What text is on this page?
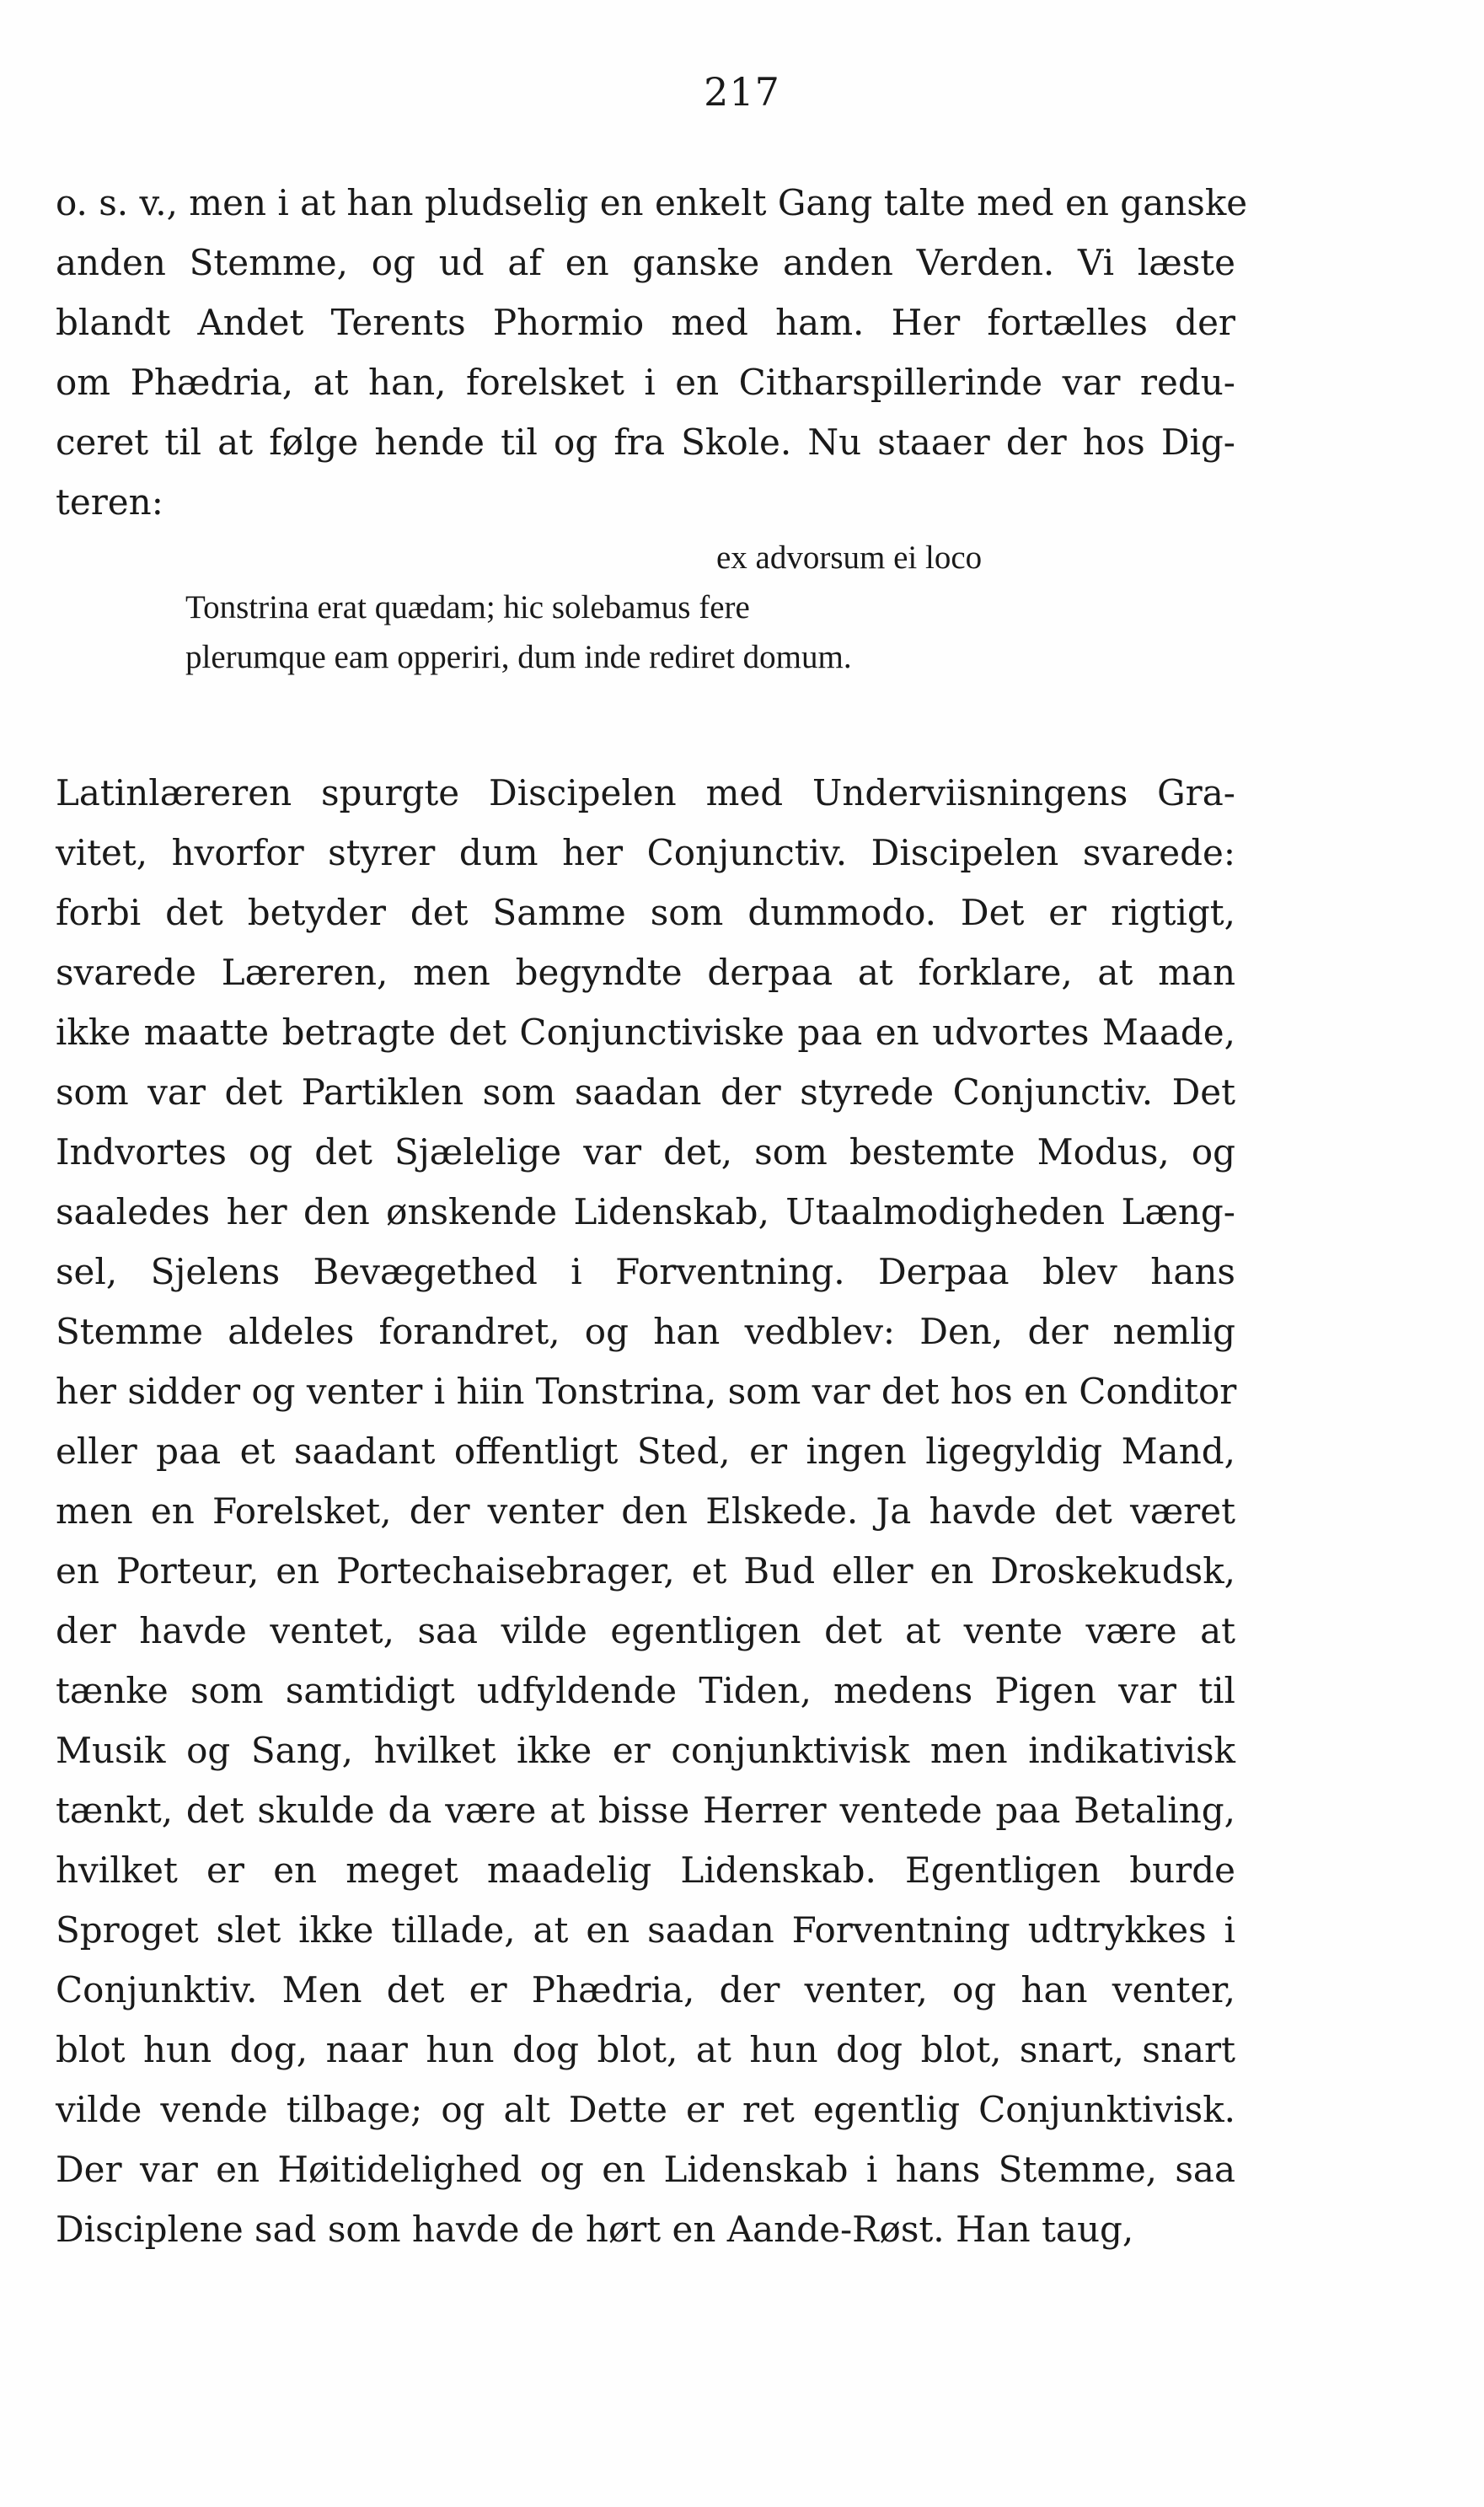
217
o. s. v., men i at han pludselig en enkelt Gang talte med en ganske
anden Stemme, og ud af en ganske anden Verden. Vi læste
blandt Andet Terents Phormio med ham. Her fortælles der
om Phædria, at han, forelsket i en Citharspillerinde var redu-
ceret til at følge hende til og fra Skole. Nu staaer der hos Dig-
teren:
ex advorsum ei loco
Tonstrina erat quædam; hic solebamus fere
plerumque eam opperiri, dum inde rediret domum.
Latinlæreren spurgte Discipelen med Underviisningens Gra-
vitet, hvorfor styrer dum her Conjunctiv. Discipelen svarede:
forbi det betyder det Samme som dummodo. Det er rigtigt,
svarede Læreren, men begyndte derpaa at forklare, at man
ikke maatte betragte det Conjunctiviske paa en udvortes Maade,
som var det Partiklen som saadan der styrede Conjunctiv. Det
Indvortes og det Sjælelige var det, som bestemte Modus, og
saaledes her den ønskende Lidenskab, Utaalmodigheden Læng-
sel, Sjelens Bevægethed i Forventning. Derpaa blev hans
Stemme aldeles forandret, og han vedblev: Den, der nemlig
her sidder og venter i hiin Tonstrina, som var det hos en Conditor
eller paa et saadant offentligt Sted, er ingen ligegyldig Mand,
men en Forelsket, der venter den Elskede. Ja havde det været
en Porteur, en Portechaisebrager, et Bud eller en Droskekudsk,
der havde ventet, saa vilde egentligen det at vente være at
tænke som samtidigt udfyldende Tiden, medens Pigen var til
Musik og Sang, hvilket ikke er conjunktivisk men indikativisk
tænkt, det skulde da være at bisse Herrer ventede paa Betaling,
hvilket er en meget maadelig Lidenskab. Egentligen burde
Sproget slet ikke tillade, at en saadan Forventning udtrykkes i
Conjunktiv. Men det er Phædria, der venter, og han venter,
blot hun dog, naar hun dog blot, at hun dog blot, snart, snart
vilde vende tilbage; og alt Dette er ret egentlig Conjunktivisk.
Der var en Høitidelighed og en Lidenskab i hans Stemme, saa
Disciplene sad som havde de hørt en Aande-Røst. Han taug,
